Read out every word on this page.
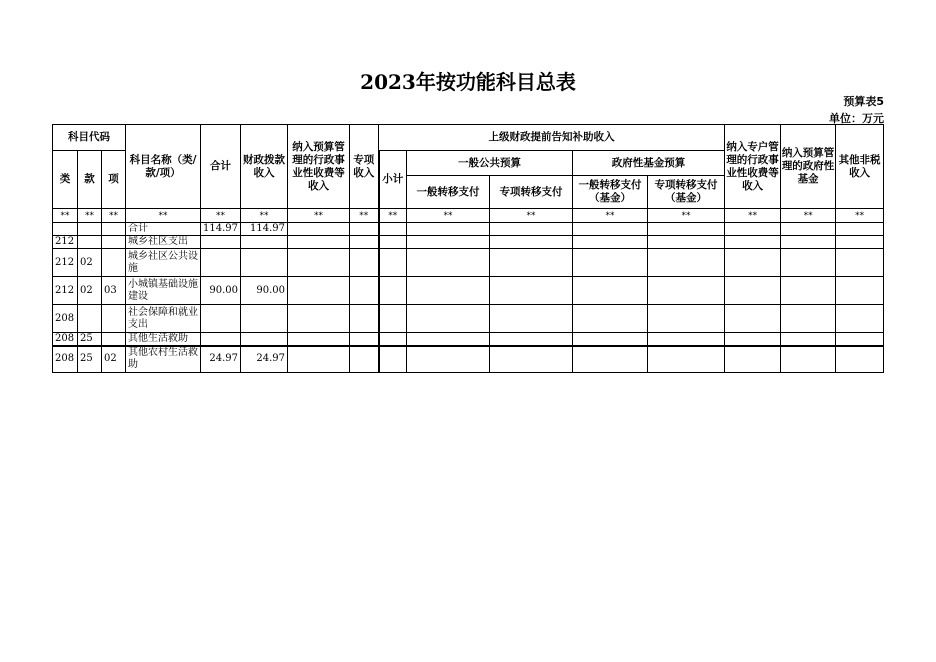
2023年按功能科目总表
预算表5
单位：万元
科目代码			科目名称（类/款/项）	合计	财政拨款收入	纳入预算管理的行政事业性收费等收入	专项收入	上级财政提前告知补助收入					纳入专户管理的行政事业性收费等收入	纳入预算管理的政府性基金	其他非税收入
类	款	项						小计	一般公共预算		政府性基金预算				
									一般转移支付	专项转移支付	一般转移支付（基金）	专项转移支付（基金）			
**	**	**	**	**	**	**	**	**	**	**	**	**	**	**	**
			合计	114.97	114.97										
212			城乡社区支出												
212	02		城乡社区公共设施												
212	02	03	小城镇基础设施建设	90.00	90.00										
208			社会保障和就业支出												
208	25		其他生活救助												
208	25	02	其他农村生活救助	24.97	24.97										
